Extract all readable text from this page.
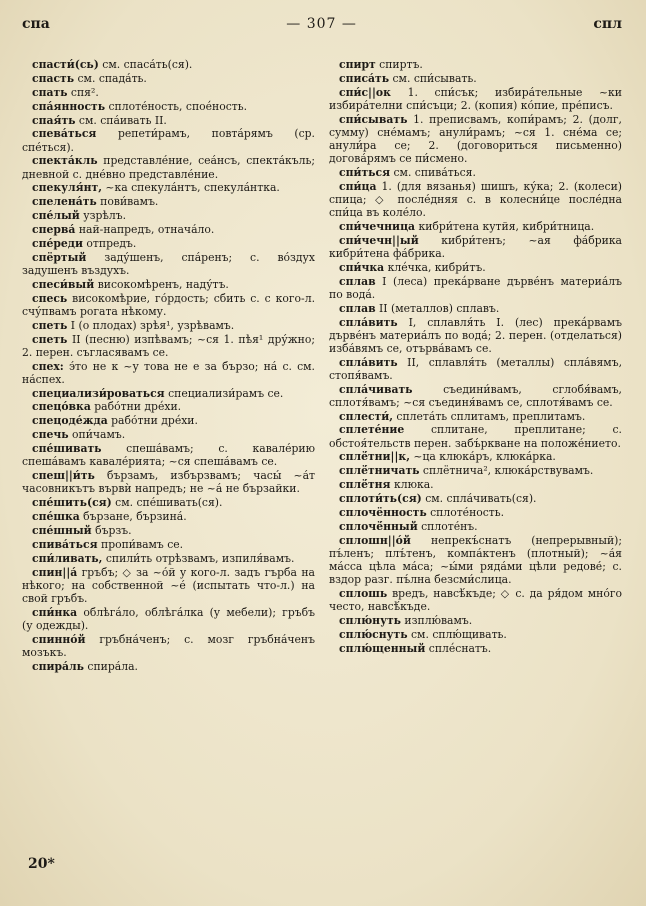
спа	— 307 —	спл

спасти́(сь) см. спаса́ть(ся).

спасть см. спада́ть.

спать спя².

спа́янность сплоте́ность, споéность.

спая́ть см. спа́ивать II.

спева́ться репети́рамъ, повта́рямъ (ср. спе́ться).

спекта́кль представле́ние, сеа́нсъ, спекта́къль; дневной с. дне́вно представле́ние.

спекуля́нт, ~ка спекула́нтъ, спекула́нтка.

спелена́ть пови́вамъ.

спе́лый узрѣлъ.

сперва́ най-напредъ, отнача́ло.

спе́реди отпредъ.

спёртый заду́шенъ, спа́ренъ; с. во́здух задушенъ въздухъ.

спеси́вый високомѣренъ, наду́тъ.

спесь високомѣрие, го́рдость; сбить с. с кого-л. счу́пвамъ рогата нѣкому.

спеть I (о плодах) зрѣя¹, узрѣвамъ.

спеть II (песню) изпѣвамъ; ~ся 1. пѣя¹ дру́жно; 2. перен. съгласявамъ се.

спех: э́то не к ~у това не е за бързо; на́ с. см. на́спех.

специализи́роваться специализи́рамъ се.

спецо́вка рабо́тни дрéхи.

спецоде́жда рабо́тни дрéхи.

спечь опи́чамъ.

спе́шивать спеша́вамъ; с. кавале́рию спеша́вамъ кавале́рията; ~ся спеша́вамъ се.

спеш||и́ть бързамъ, избързвамъ; часы́ ~а́т часовникътъ вървѝ напредъ; не ~а́ не бързайки.

спе́шить(ся) см. спе́шивать(ся).

спе́шка бързане, бързина́.

спе́шный бързъ.

спива́ться пропи́вамъ се.

спи́ливать, спили́ть отрѣзвамъ, изпиля́вамъ.

спин||а́ гръбъ; ◇ за ~о́й у кого-л. задъ гърба на нѣкого; на собственной ~е́ (испытать что-л.) на свой гръбъ.

спи́нка облѣгáло, облѣга́лка (у мебели); гръбъ (у одежды).

спинно́й гръбна́ченъ; с. мозг гръбна́ченъ мозъкъ.

спира́ль спира́ла.

спирт спиртъ.

списа́ть см. спи́сывать.

спи́с||ок 1. спи́сък; избира́тельные ~ки избира́телни спи́съци; 2. (копия) ко́пие, пре́писъ.

спи́сывать 1. преписвамъ, копи́рамъ; 2. (долг, сумму) сне́мамъ; анули́рамъ; ~ся 1. сне́ма се; анули́ра се; 2. (договориться письменно) догова́рямъ се пи́смено.

спи́ться см. спива́ться.

спи́ца 1. (для вязанья) шишъ, ку́ка; 2. (колеси) спица; ◇ после́дняя с. в колесни́це после́дна спи́ца въ коле́ло.

спи́чечница кибри́тена кутйя, кибри́тница.

спи́чечн||ый кибри́тенъ; ~ая фа́брика кибри́тена фа́брика.

спи́чка клéчка, кибри́тъ.

сплав I (леса) прекáрване дърве́нъ материа́лъ по водá.

сплав II (металлов) сплавъ.

спла́вить I, сплавля́ть I. (лес) прекáрвамъ дърве́нъ материа́лъ по вода́; 2. перен. (отделаться) изба́вямъ се, отърва́вамъ се.

спла́вить II, сплавля́ть (металлы) спла́вямъ, стопя́вамъ.

спла́чивать съедини́вамъ, сглобя́вамъ, сплотя́вамъ; ~ся съединя́вамъ се, сплотя́вамъ се.

сплести́, сплета́ть сплитамъ, преплитамъ.

сплете́ние сплитане, преплитане; с. обстоя́тельств перен. забъ́ркване на положе́нието.

сплё́тни||к, ~ца клюка́ръ, клюка́рка.

сплё́тничать сплётничa², клюка́рствувамъ.

сплё́тня клюка.

сплоти́ть(ся) см. спла́чивать(ся).

сплочённость сплоте́ность.

сплочё́нный сплоте́нъ.

сплошн||о́й непрекъ́снатъ (непрерывный); пъ́ленъ; плъ́тенъ, компа́ктенъ (плотный); ~а́я ма́сса цѣла ма́са; ~ы́ми ряда́ми цѣли редове́; с. вздор разг. пъ́лна безсми́слица.

сплошь вредъ, навсѣ́къде; ◇ с. да ря́дом мно́го често, навсѣ́къде.

сплю́нуть изплю́вамъ.

сплю́снуть см. сплю́щивать.

сплю́щенный сплéснатъ.

20*
